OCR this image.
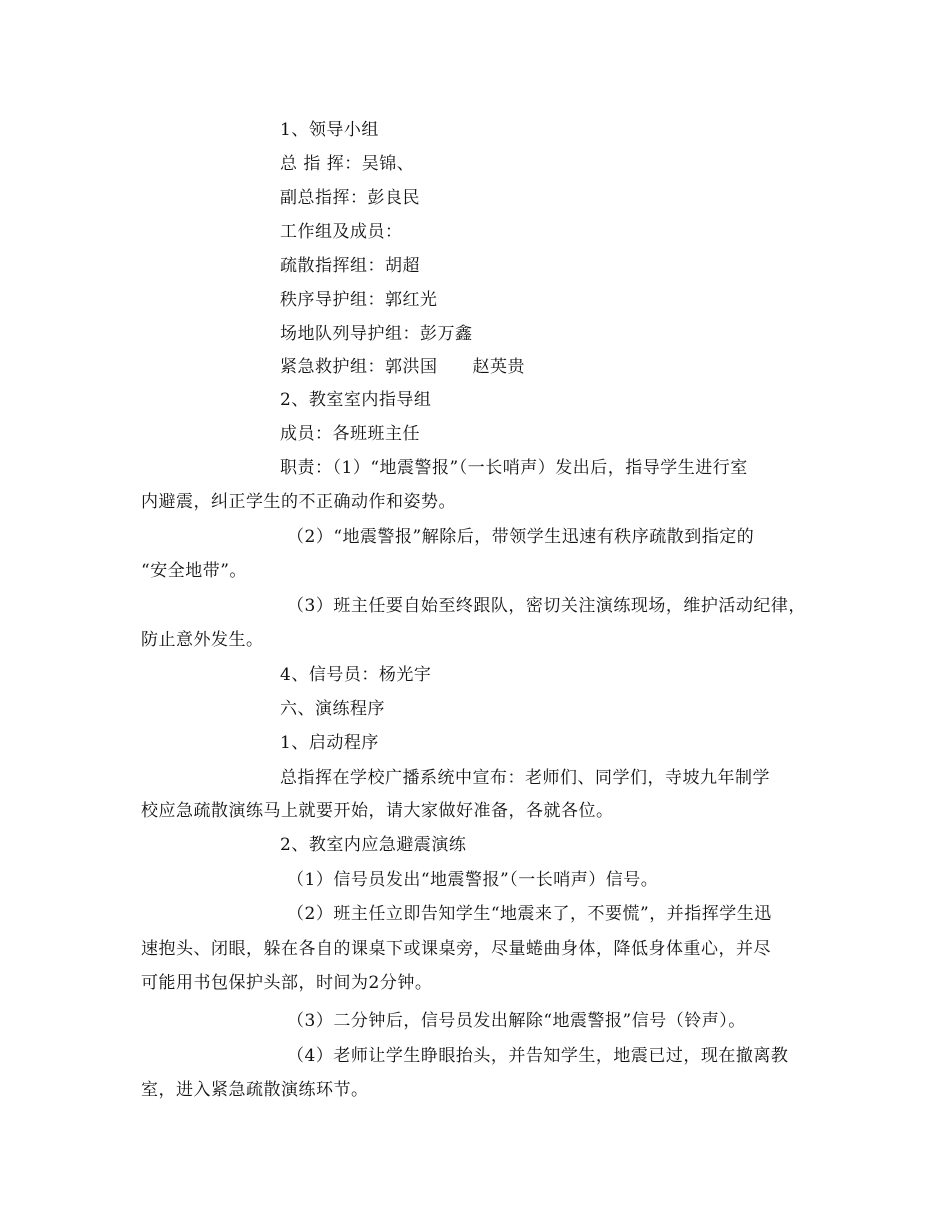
1、领导小组
总 指 挥：吴锦、
副总指挥：彭良民
工作组及成员：
疏散指挥组：胡超
秩序导护组：郭红光
场地队列导护组：彭万鑫
紧急救护组：郭洪国　　赵英贵
2、教室室内指导组
成员：各班班主任
职责：（1）“地震警报”（一长哨声）发出后，指导学生进行室
内避震，纠正学生的不正确动作和姿势。
（2）“地震警报”解除后，带领学生迅速有秩序疏散到指定的
“安全地带”。
（3）班主任要自始至终跟队，密切关注演练现场，维护活动纪律，
防止意外发生。
4、信号员：杨光宇
六、演练程序
1、启动程序
总指挥在学校广播系统中宣布：老师们、同学们，寺坡九年制学
校应急疏散演练马上就要开始，请大家做好准备，各就各位。
2、教室内应急避震演练
（1）信号员发出“地震警报”（一长哨声）信号。
（2）班主任立即告知学生“地震来了，不要慌”，并指挥学生迅
速抱头、闭眼，躲在各自的课桌下或课桌旁，尽量蜷曲身体，降低身体重心，并尽
可能用书包保护头部，时间为2分钟。
（3）二分钟后，信号员发出解除“地震警报”信号（铃声）。
（4）老师让学生睁眼抬头，并告知学生，地震已过，现在撤离教
室，进入紧急疏散演练环节。
